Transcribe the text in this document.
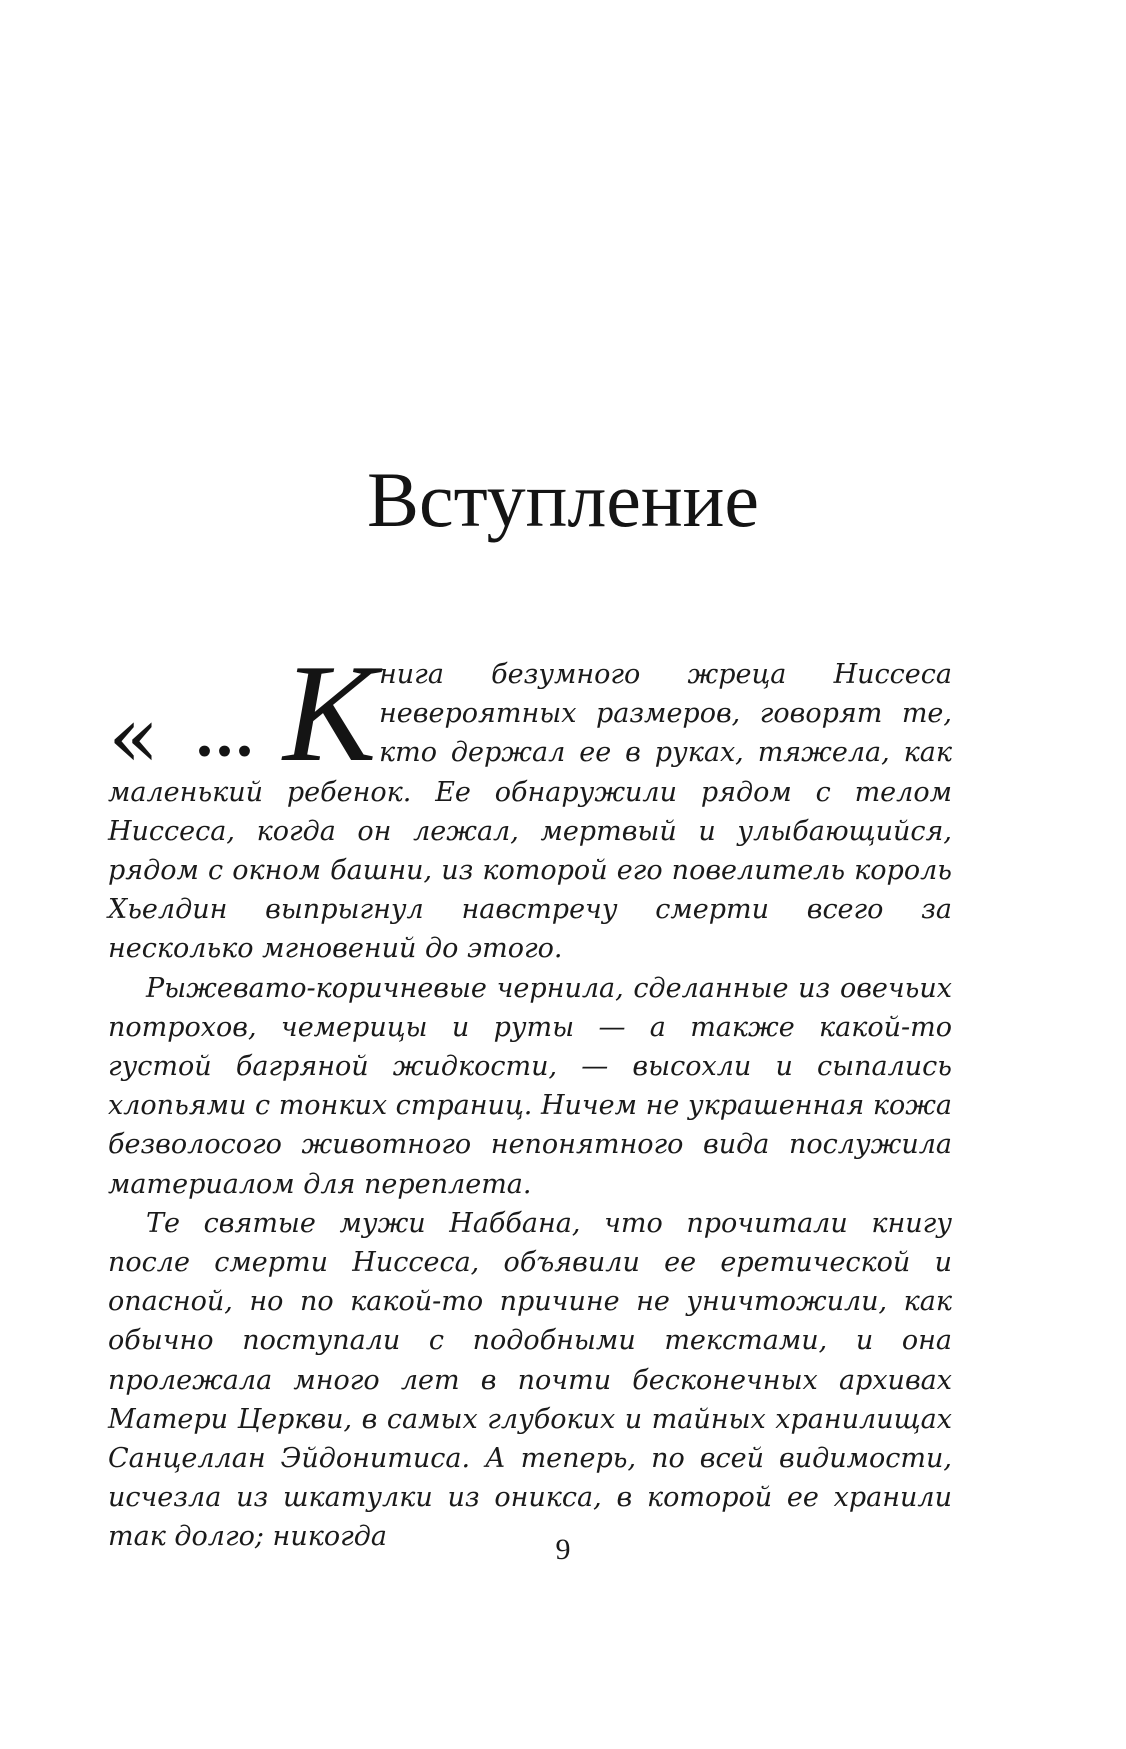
Вступление
« ... К нига безумного жреца Ниссеса невероятных размеров, говорят те, кто держал ее в руках, тяжела, как маленький ребенок. Ее обнаружили рядом с телом Ниссеса, когда он лежал, мертвый и улыбающийся, рядом с окном башни, из которой его повелитель король Хьелдин выпрыгнул навстречу смерти всего за несколько мгновений до этого.

Рыжевато-коричневые чернила, сделанные из овечьих потрохов, чемерицы и руты — а также какой-то густой багряной жидкости, — высохли и сыпались хлопьями с тонких страниц. Ничем не украшенная кожа безволосого животного непонятного вида послужила материалом для переплета.

Те святые мужи Наббана, что прочитали книгу после смерти Ниссеса, объявили ее еретической и опасной, но по какой-то причине не уничтожили, как обычно поступали с подобными текстами, и она пролежала много лет в почти бесконечных архивах Матери Церкви, в самых глубоких и тайных хранилищах Санцеллан Эйдонитиса. А теперь, по всей видимости, исчезла из шкатулки из оникса, в которой ее хранили так долго; никогда	9
